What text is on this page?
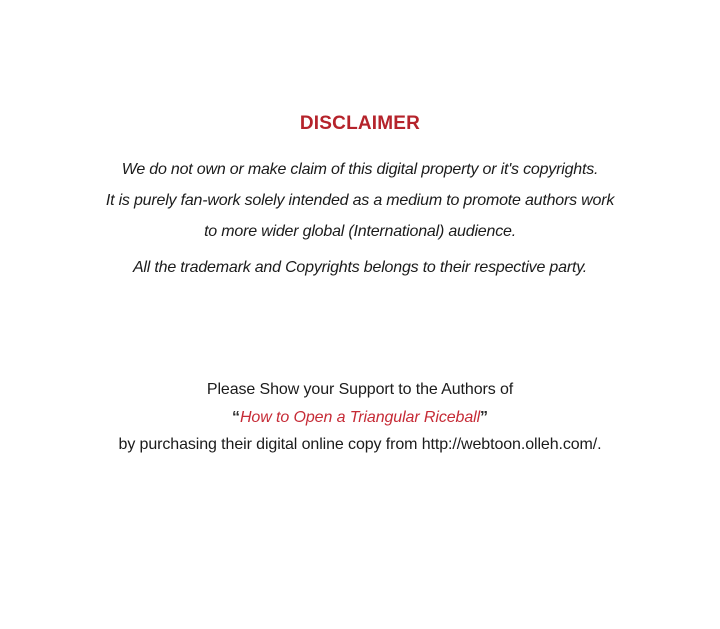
DISCLAIMER

We do not own or make claim of this digital property or it's copyrights.

It is purely fan-work solely intended as a medium to promote authors work

to more wider global (International) audience.

All the trademark and Copyrights belongs to their respective party.

Please Show your Support to the Authors of

“How to Open a Triangular Riceball”

by purchasing their digital online copy from http://webtoon.olleh.com/.
